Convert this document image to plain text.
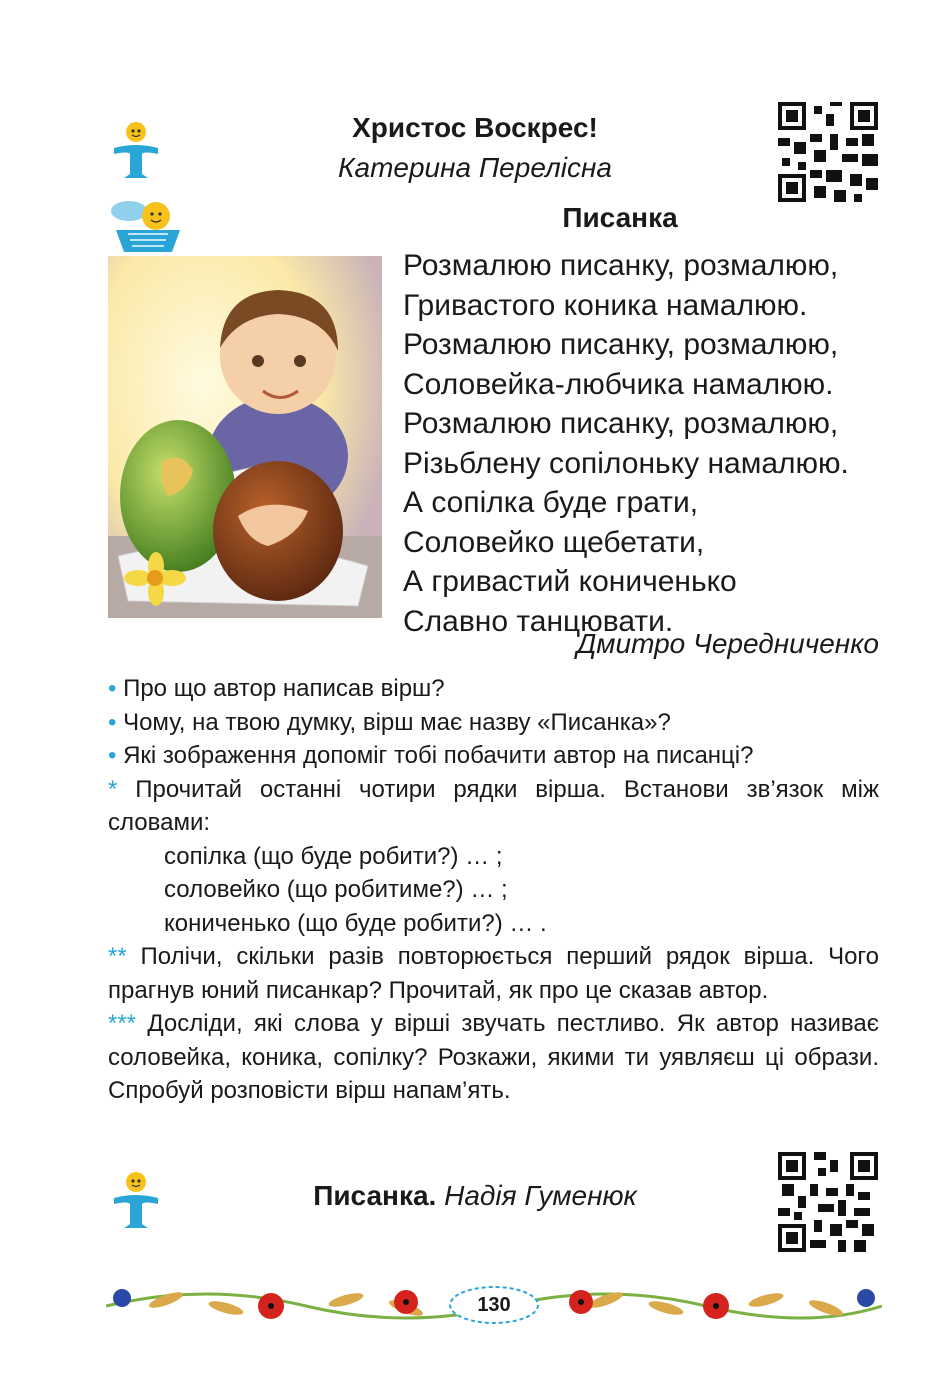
Христос Воскрес!
Катерина Перелісна
Писанка
Розмалюю писанку, розмалюю,
Гривастого коника намалюю.
Розмалюю писанку, розмалюю,
Соловейка-любчика намалюю.
Розмалюю писанку, розмалюю,
Різьблену сопілоньку намалюю.
А сопілка буде грати,
Соловейко щебетати,
А гривастий кониченько
Славно танцювати.
Дмитро Чередниченко

• Про що автор написав вірш?

• Чому, на твою думку, вірш має назву «Писанка»?

• Які зображення допоміг тобі побачити автор на писанці?

* Прочитай останні чотири рядки вірша. Встанови зв’язок між словами:

сопілка (що буде робити?) … ;

соловейко (що робитиме?) … ;

кониченько (що буде робити?) … .

** Полічи, скільки разів повторюється перший рядок вірша. Чого прагнув юний писанкар? Прочитай, як про це сказав автор.

*** Досліди, які слова у вірші звучать пестливо. Як автор називає соловейка, коника, сопілку? Розкажи, якими ти уявляєш ці образи. Спробуй розповісти вірш напам’ять.

Писанка. Надія Гуменюк
130
